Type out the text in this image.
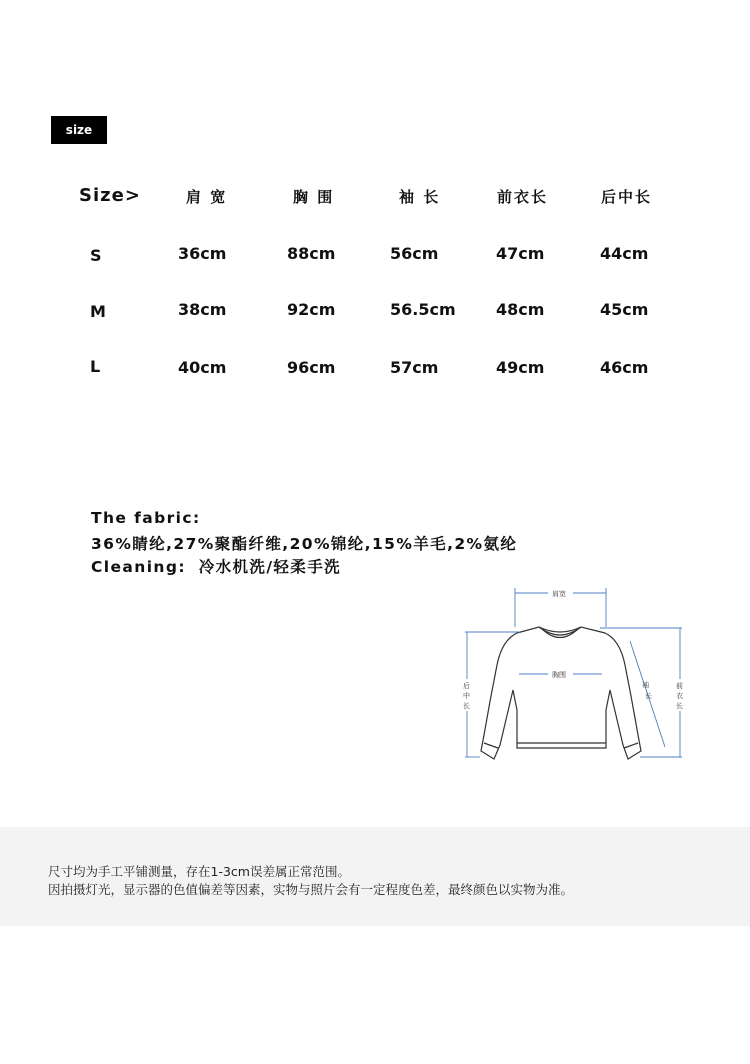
size
Size>	肩 宽	胸 围	袖 长	前衣长	后中长
S	36cm	88cm	56cm	47cm	44cm
M	38cm	92cm	56.5cm	48cm	45cm
L	40cm	96cm	57cm	49cm	46cm
The fabric:
36%睛纶,27%聚酯纤维,20%锦纶,15%羊毛,2%氨纶
Cleaning: 冷水机洗/轻柔手洗
肩宽
胸围
后
中
长
前
衣
长
袖
长
尺寸均为手工平铺测量，存在1-3cm误差属正常范围。
因拍摄灯光，显示器的色值偏差等因素，实物与照片会有一定程度色差，最终颜色以实物为准。
